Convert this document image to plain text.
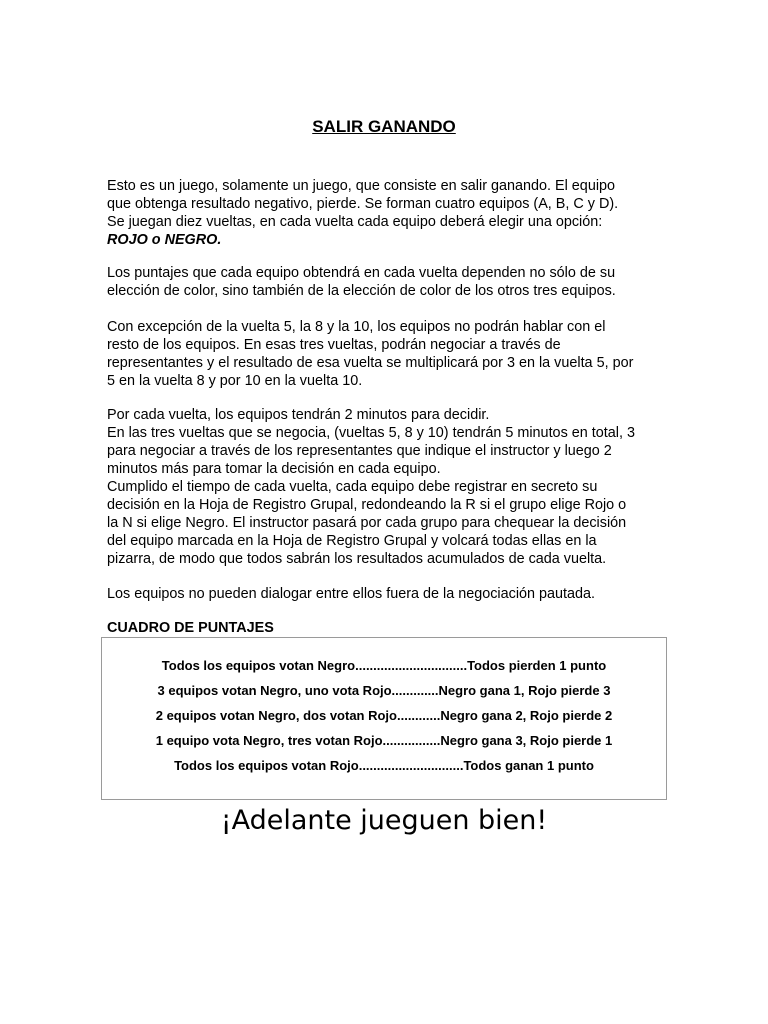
SALIR GANANDO
Esto es un juego, solamente un juego, que consiste en salir ganando. El equipo
que obtenga resultado negativo, pierde. Se forman cuatro equipos (A, B, C y D).
Se juegan diez vueltas, en cada vuelta cada equipo deberá elegir una opción:
ROJO o NEGRO.
Los puntajes que cada equipo obtendrá en cada vuelta dependen no sólo de su
elección de color, sino también de la elección de color de los otros tres equipos.
Con excepción de la vuelta 5, la 8 y la 10, los equipos no podrán hablar con el
resto de los equipos. En esas tres vueltas, podrán negociar a través de
representantes y el resultado de esa vuelta se multiplicará por 3 en la vuelta 5, por
5 en la vuelta 8 y por 10 en la vuelta 10.
Por cada vuelta, los equipos tendrán 2 minutos para decidir.
En las tres vueltas que se negocia, (vueltas 5, 8 y 10) tendrán 5 minutos en total, 3
para negociar a través de los representantes que indique el instructor y luego 2
minutos más para tomar la decisión en cada equipo.
Cumplido el tiempo de cada vuelta, cada equipo debe registrar en secreto su
decisión en la Hoja de Registro Grupal, redondeando la R si el grupo elige Rojo o
la N si elige Negro. El instructor pasará por cada grupo para chequear la decisión
del equipo marcada en la Hoja de Registro Grupal y volcará todas ellas en la
pizarra, de modo que todos sabrán los resultados acumulados de cada vuelta.
Los equipos no pueden dialogar entre ellos fuera de la negociación pautada.
CUADRO DE PUNTAJES
Todos los equipos votan Negro...............................Todos pierden 1 punto
3 equipos votan Negro, uno vota Rojo.............Negro gana 1, Rojo pierde 3
2 equipos votan Negro, dos votan Rojo............Negro gana 2, Rojo pierde 2
1 equipo vota Negro, tres votan Rojo................Negro gana 3, Rojo pierde 1
Todos los equipos votan Rojo.............................Todos ganan 1 punto
¡Adelante jueguen bien!
